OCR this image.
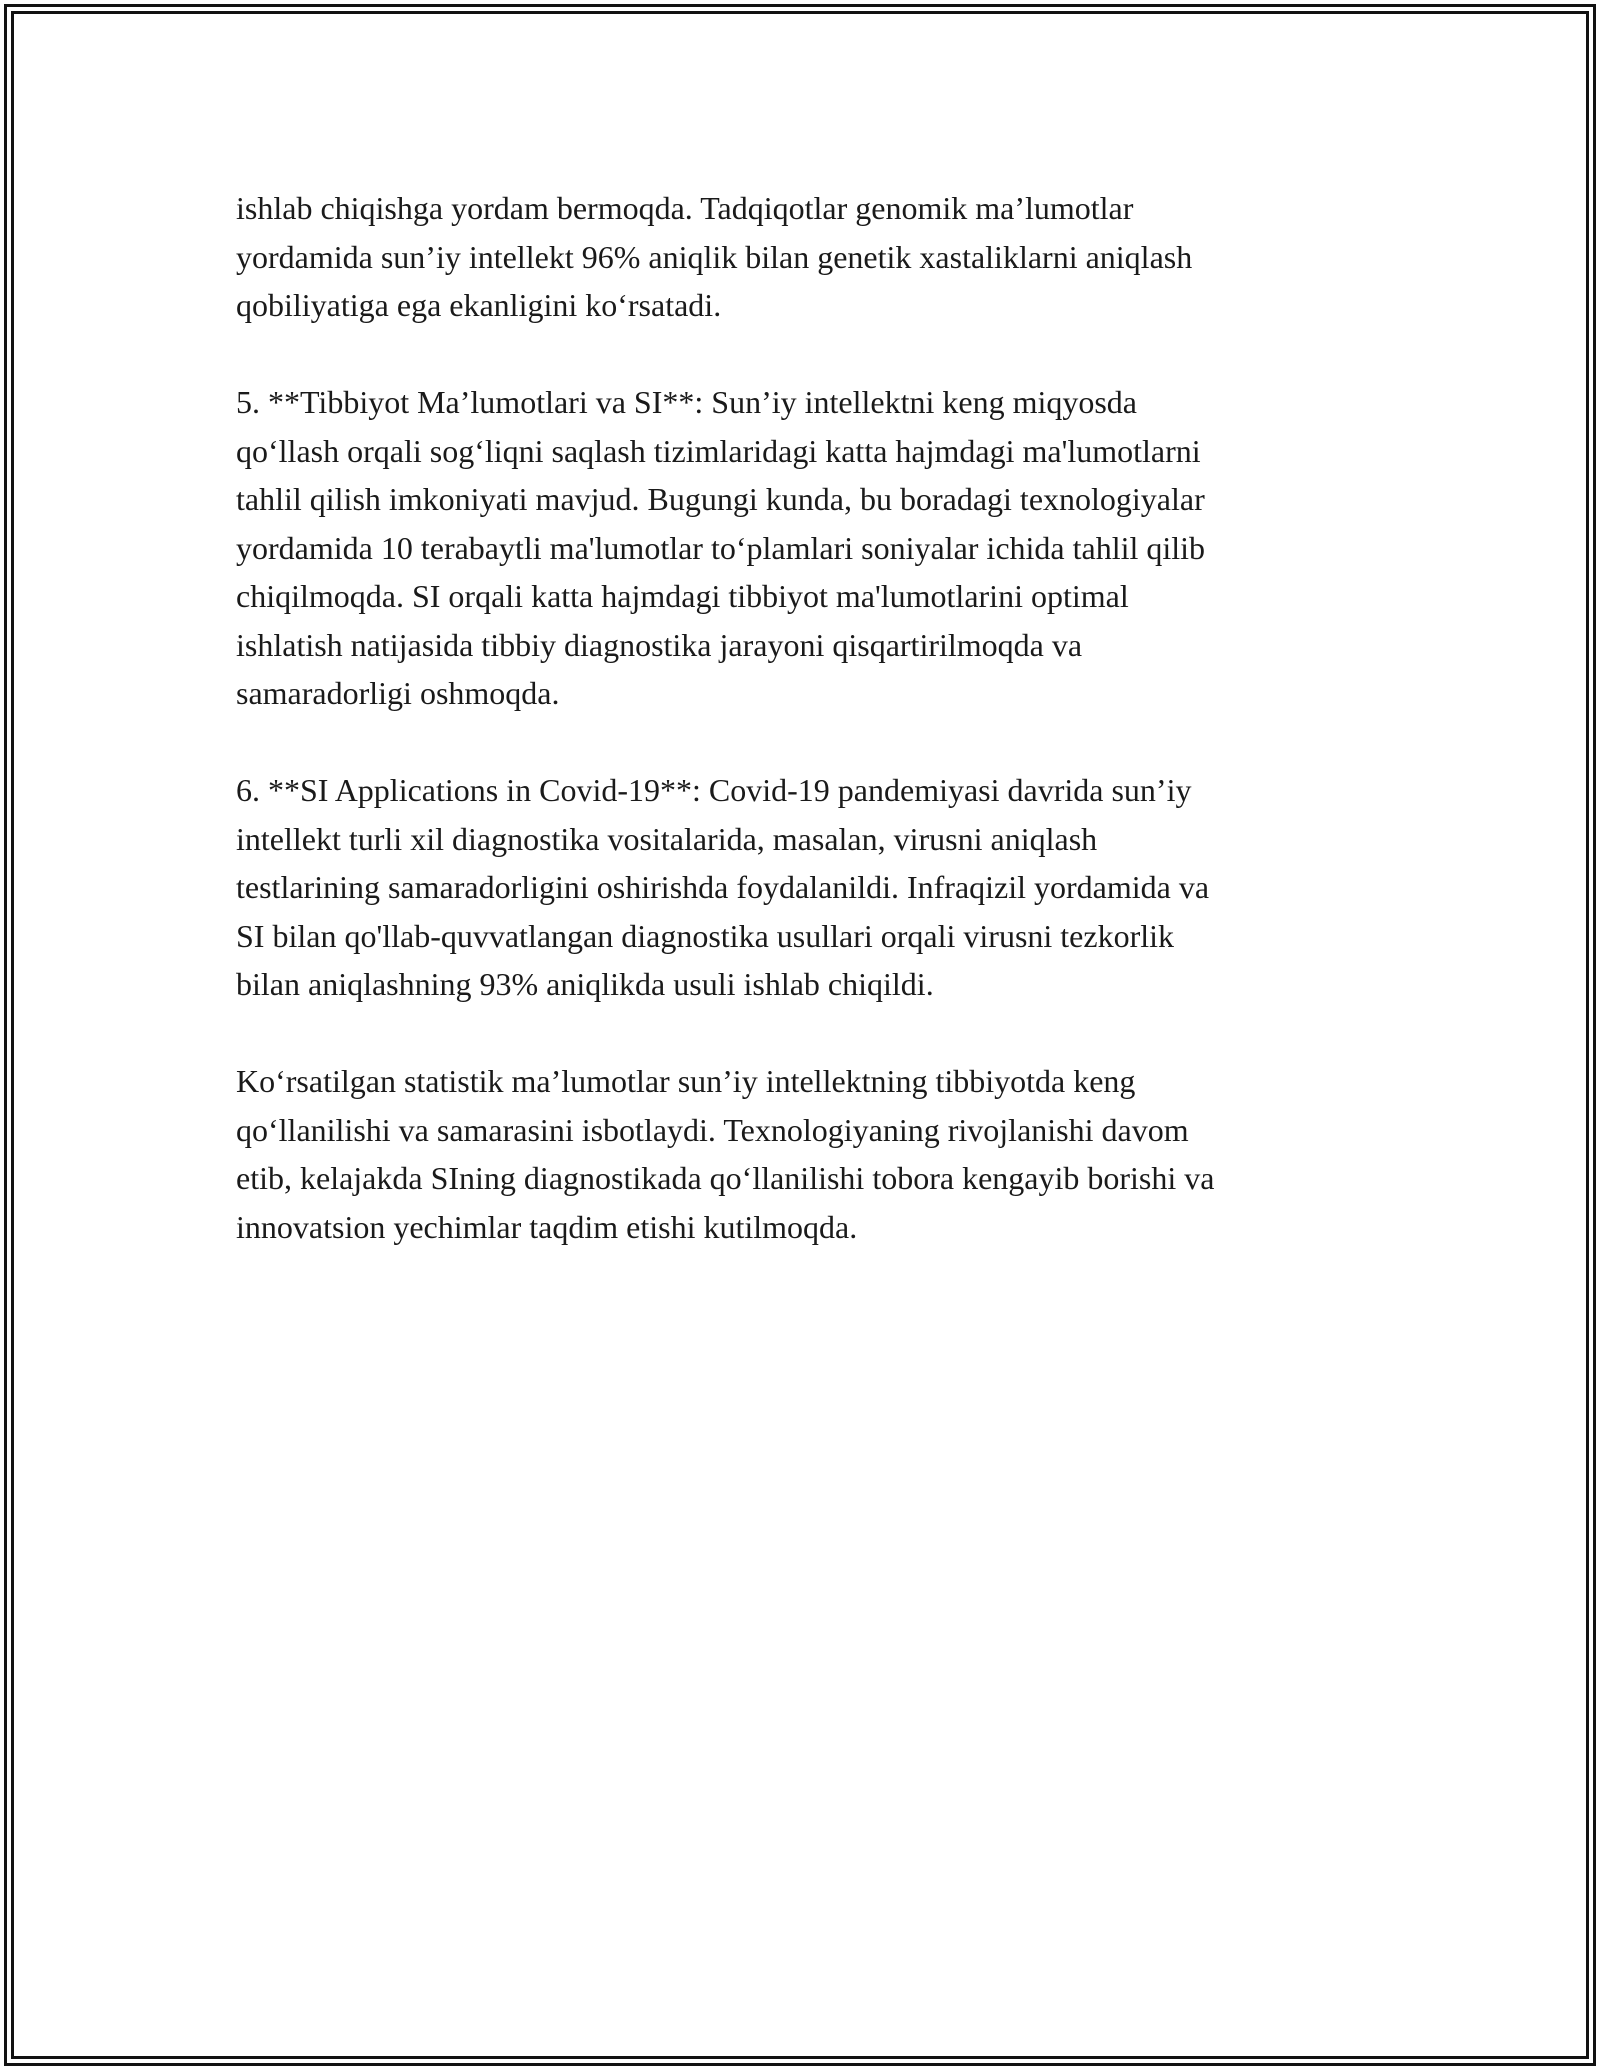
ishlab chiqishga yordam bermoqda. Tadqiqotlar genomik ma’lumotlar
yordamida sun’iy intellekt 96% aniqlik bilan genetik xastaliklarni aniqlash
qobiliyatiga ega ekanligini ko‘rsatadi.

5. **Tibbiyot Ma’lumotlari va SI**: Sun’iy intellektni keng miqyosda
qo‘llash orqali sog‘liqni saqlash tizimlaridagi katta hajmdagi ma'lumotlarni
tahlil qilish imkoniyati mavjud. Bugungi kunda, bu boradagi texnologiyalar
yordamida 10 terabaytli ma'lumotlar to‘plamlari soniyalar ichida tahlil qilib
chiqilmoqda. SI orqali katta hajmdagi tibbiyot ma'lumotlarini optimal
ishlatish natijasida tibbiy diagnostika jarayoni qisqartirilmoqda va
samaradorligi oshmoqda.

6. **SI Applications in Covid-19**: Covid-19 pandemiyasi davrida sun’iy
intellekt turli xil diagnostika vositalarida, masalan, virusni aniqlash
testlarining samaradorligini oshirishda foydalanildi. Infraqizil yordamida va
SI bilan qo'llab-quvvatlangan diagnostika usullari orqali virusni tezkorlik
bilan aniqlashning 93% aniqlikda usuli ishlab chiqildi.

Ko‘rsatilgan statistik ma’lumotlar sun’iy intellektning tibbiyotda keng
qo‘llanilishi va samarasini isbotlaydi. Texnologiyaning rivojlanishi davom
etib, kelajakda SIning diagnostikada qo‘llanilishi tobora kengayib borishi va
innovatsion yechimlar taqdim etishi kutilmoqda.
